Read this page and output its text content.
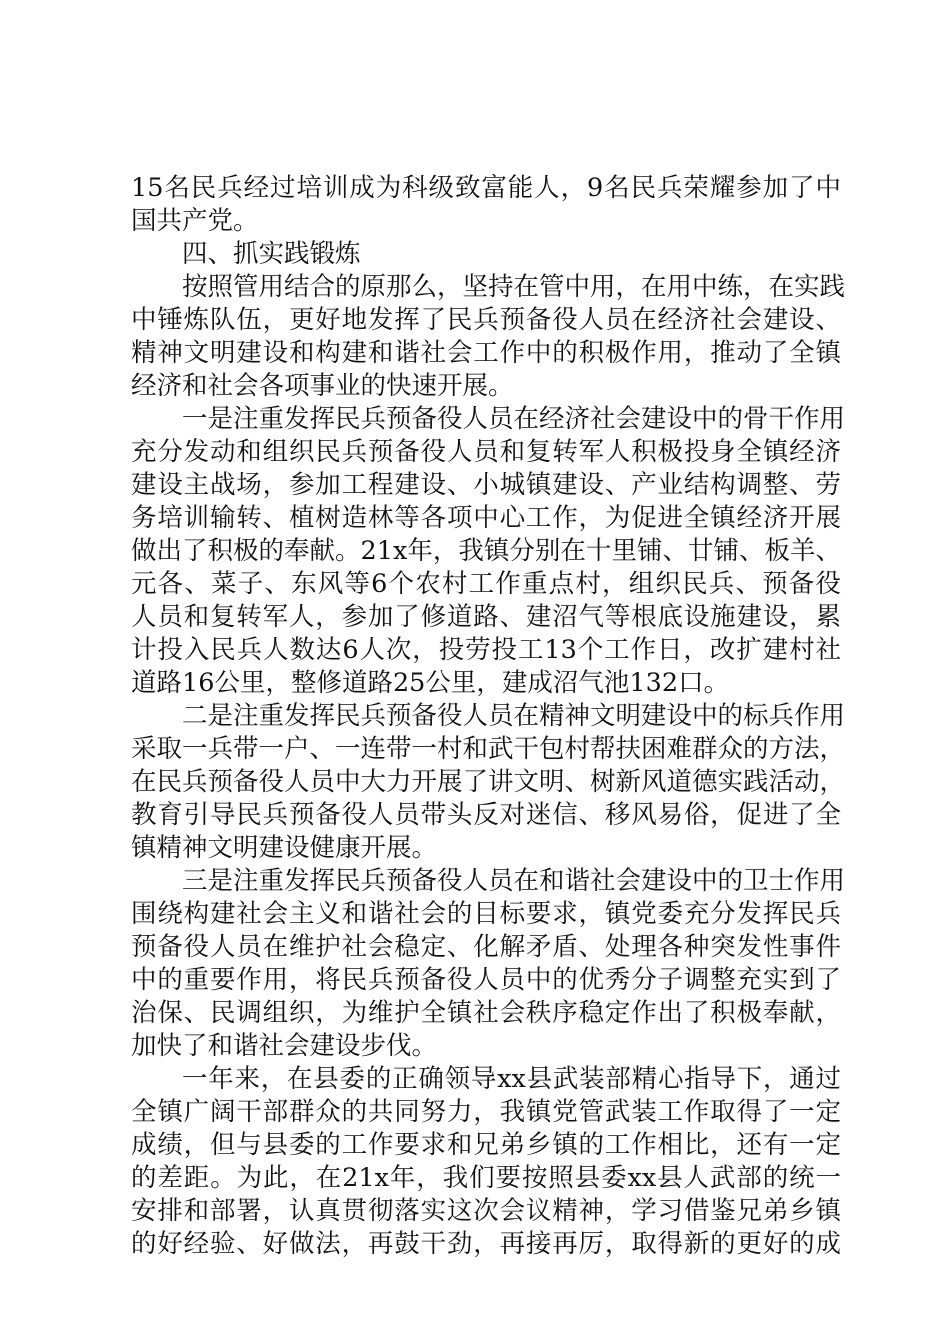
15名民兵经过培训成为科级致富能人，9名民兵荣耀参加了中
国共产党。
四、抓实践锻炼
按照管用结合的原那么，坚持在管中用，在用中练，在实践
中锤炼队伍，更好地发挥了民兵预备役人员在经济社会建设、
精神文明建设和构建和谐社会工作中的积极作用，推动了全镇
经济和社会各项事业的快速开展。
一是注重发挥民兵预备役人员在经济社会建设中的骨干作用
充分发动和组织民兵预备役人员和复转军人积极投身全镇经济
建设主战场，参加工程建设、小城镇建设、产业结构调整、劳
务培训输转、植树造林等各项中心工作，为促进全镇经济开展
做出了积极的奉献。21x年，我镇分别在十里铺、廿铺、板羊、
元各、菜子、东风等6个农村工作重点村，组织民兵、预备役
人员和复转军人，参加了修道路、建沼气等根底设施建设，累
计投入民兵人数达6人次，投劳投工13个工作日，改扩建村社
道路16公里，整修道路25公里，建成沼气池132口。
二是注重发挥民兵预备役人员在精神文明建设中的标兵作用
采取一兵带一户、一连带一村和武干包村帮扶困难群众的方法，
在民兵预备役人员中大力开展了讲文明、树新风道德实践活动，
教育引导民兵预备役人员带头反对迷信、移风易俗，促进了全
镇精神文明建设健康开展。
三是注重发挥民兵预备役人员在和谐社会建设中的卫士作用
围绕构建社会主义和谐社会的目标要求，镇党委充分发挥民兵
预备役人员在维护社会稳定、化解矛盾、处理各种突发性事件
中的重要作用，将民兵预备役人员中的优秀分子调整充实到了
治保、民调组织，为维护全镇社会秩序稳定作出了积极奉献，
加快了和谐社会建设步伐。
一年来，在县委的正确领导xx县武装部精心指导下，通过
全镇广阔干部群众的共同努力，我镇党管武装工作取得了一定
成绩，但与县委的工作要求和兄弟乡镇的工作相比，还有一定
的差距。为此，在21x年，我们要按照县委xx县人武部的统一
安排和部署，认真贯彻落实这次会议精神，学习借鉴兄弟乡镇
的好经验、好做法，再鼓干劲，再接再厉，取得新的更好的成
